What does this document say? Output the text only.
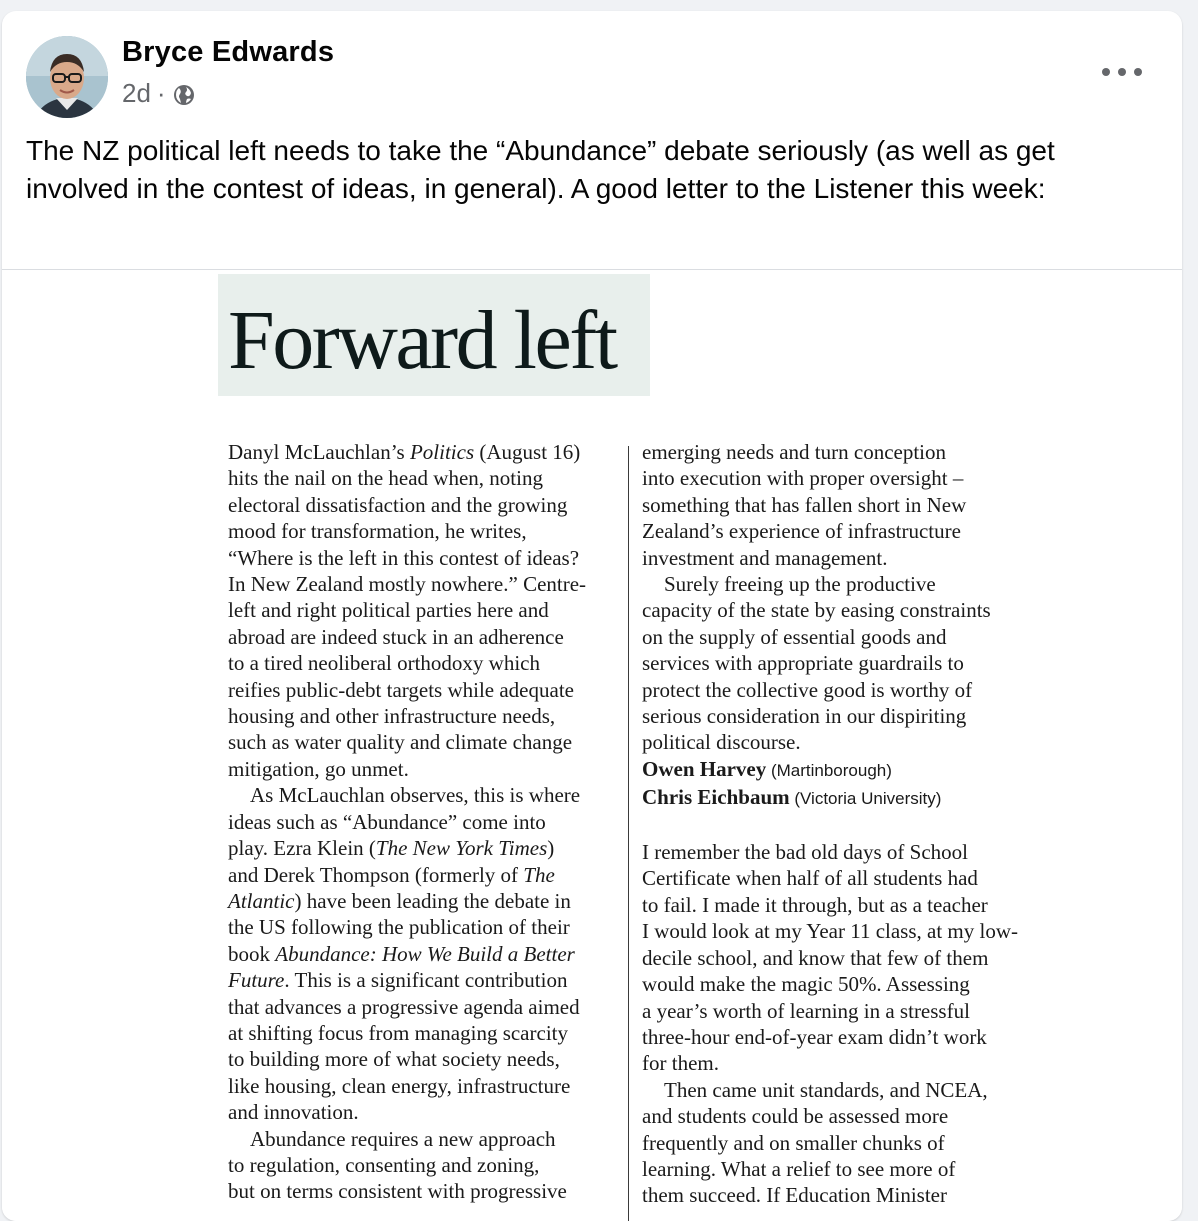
Bryce Edwards
2d ·
The NZ political left needs to take the “Abundance” debate seriously (as well as get involved in the contest of ideas, in general). A good letter to the Listener this week:
Forward left
Danyl McLauchlan’s Politics (August 16)
hits the nail on the head when, noting
electoral dissatisfaction and the growing
mood for transformation, he writes,
“Where is the left in this contest of ideas?
In New Zealand mostly nowhere.” Centre-
left and right political parties here and
abroad are indeed stuck in an adherence
to a tired neoliberal orthodoxy which
reifies public-debt targets while adequate
housing and other infrastructure needs,
such as water quality and climate change
mitigation, go unmet.
As McLauchlan observes, this is where
ideas such as “Abundance” come into
play. Ezra Klein (The New York Times)
and Derek Thompson (formerly of The
Atlantic) have been leading the debate in
the US following the publication of their
book Abundance: How We Build a Better
Future. This is a significant contribution
that advances a progressive agenda aimed
at shifting focus from managing scarcity
to building more of what society needs,
like housing, clean energy, infrastructure
and innovation.
Abundance requires a new approach
to regulation, consenting and zoning,
but on terms consistent with progressive
emerging needs and turn conception
into execution with proper oversight –
something that has fallen short in New
Zealand’s experience of infrastructure
investment and management.
Surely freeing up the productive
capacity of the state by easing constraints
on the supply of essential goods and
services with appropriate guardrails to
protect the collective good is worthy of
serious consideration in our dispiriting
political discourse.
Owen Harvey (Martinborough)
Chris Eichbaum (Victoria University)
I remember the bad old days of School
Certificate when half of all students had
to fail. I made it through, but as a teacher
I would look at my Year 11 class, at my low-
decile school, and know that few of them
would make the magic 50%. Assessing
a year’s worth of learning in a stressful
three-hour end-of-year exam didn’t work
for them.
Then came unit standards, and NCEA,
and students could be assessed more
frequently and on smaller chunks of
learning. What a relief to see more of
them succeed. If Education Minister
